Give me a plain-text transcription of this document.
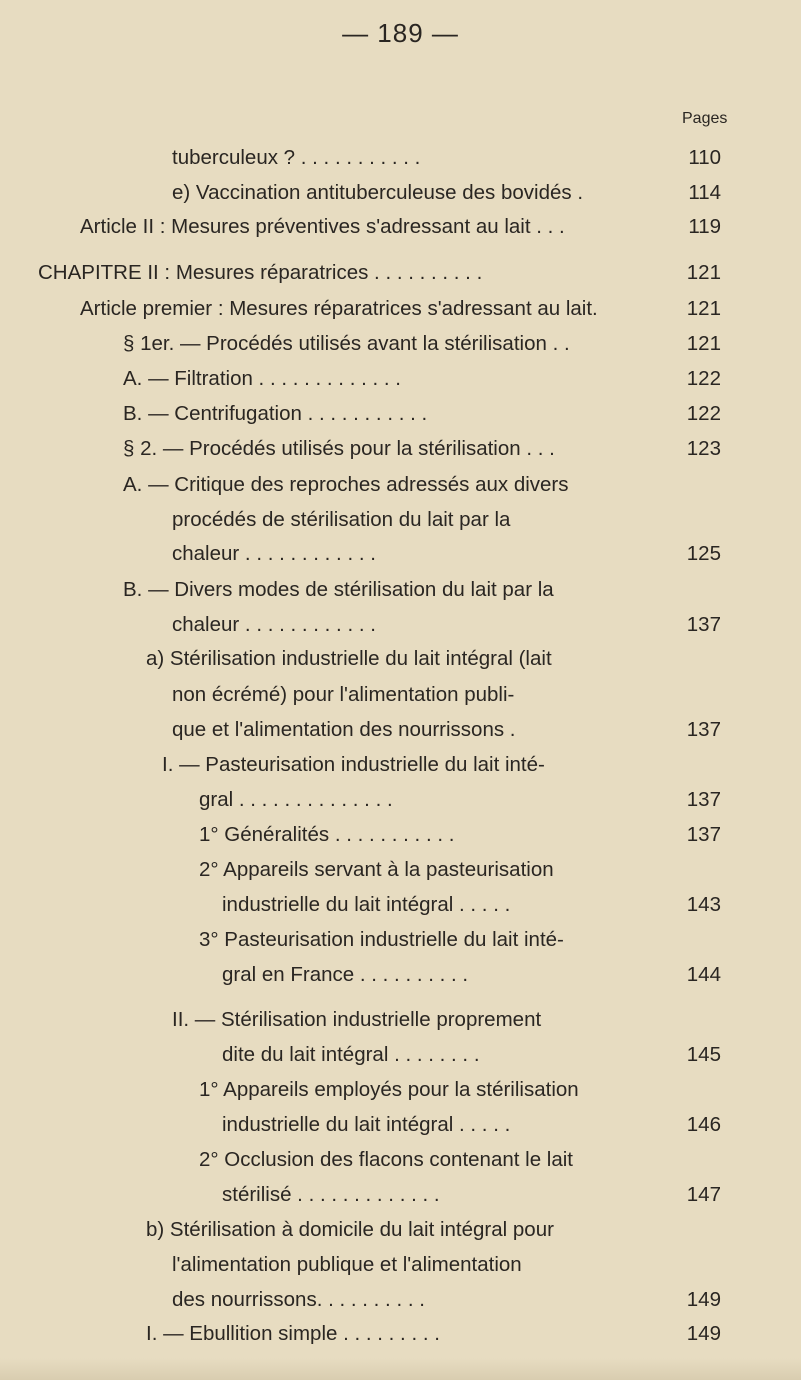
— 189 —
Pages
tuberculeux ? . . . . . . . . . . .	110
e) Vaccination antituberculeuse des bovidés .	114
Article II : Mesures préventives s'adressant au lait . . .	119
CHAPITRE II : Mesures réparatrices . . . . . . . . . .	121
Article premier : Mesures réparatrices s'adressant au lait.	121
§ 1er. — Procédés utilisés avant la stérilisation . .	121
A. — Filtration . . . . . . . . . . . . .	122
B. — Centrifugation . . . . . . . . . . .	122
§ 2. — Procédés utilisés pour la stérilisation . . .	123
A. — Critique des reproches adressés aux divers
procédés de stérilisation du lait par la
chaleur . . . . . . . . . . . .	125
B. — Divers modes de stérilisation du lait par la
chaleur . . . . . . . . . . . .	137
a) Stérilisation industrielle du lait intégral (lait
non écrémé) pour l'alimentation publi-
que et l'alimentation des nourrissons .	137
I. — Pasteurisation industrielle du lait inté-
gral . . . . . . . . . . . . . .	137
1° Généralités . . . . . . . . . . .	137
2° Appareils servant à la pasteurisation
industrielle du lait intégral . . . . .	143
3° Pasteurisation industrielle du lait inté-
gral en France . . . . . . . . . .	144
II. — Stérilisation industrielle proprement
dite du lait intégral . . . . . . . .	145
1° Appareils employés pour la stérilisation
industrielle du lait intégral . . . . .	146
2° Occlusion des flacons contenant le lait
stérilisé . . . . . . . . . . . . .	147
b) Stérilisation à domicile du lait intégral pour
l'alimentation publique et l'alimentation
des nourrissons. . . . . . . . . .	149
I. — Ebullition simple . . . . . . . . .	149
